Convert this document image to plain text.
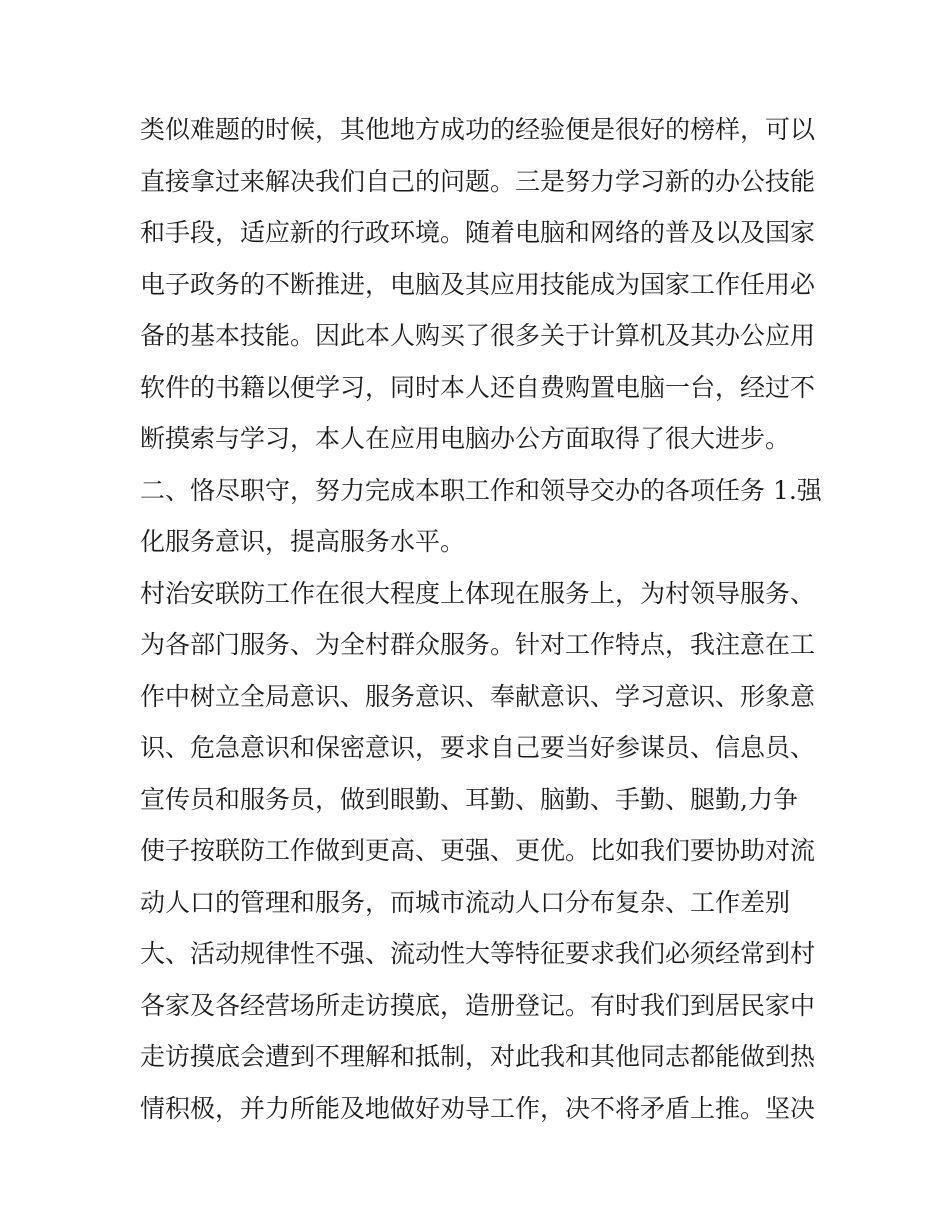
类似难题的时候，其他地方成功的经验便是很好的榜样，可以
直接拿过来解决我们自己的问题。三是努力学习新的办公技能
和手段，适应新的行政环境。随着电脑和网络的普及以及国家
电子政务的不断推进，电脑及其应用技能成为国家工作任用必
备的基本技能。因此本人购买了很多关于计算机及其办公应用
软件的书籍以便学习，同时本人还自费购置电脑一台，经过不
断摸索与学习，本人在应用电脑办公方面取得了很大进步。
二、恪尽职守，努力完成本职工作和领导交办的各项任务 1.强
化服务意识，提高服务水平。
村治安联防工作在很大程度上体现在服务上，为村领导服务、
为各部门服务、为全村群众服务。针对工作特点，我注意在工
作中树立全局意识、服务意识、奉献意识、学习意识、形象意
识、危急意识和保密意识，要求自己要当好参谋员、信息员、
宣传员和服务员，做到眼勤、耳勤、脑勤、手勤、腿勤,力争
使子按联防工作做到更高、更强、更优。比如我们要协助对流
动人口的管理和服务，而城市流动人口分布复杂、工作差别
大、活动规律性不强、流动性大等特征要求我们必须经常到村
各家及各经营场所走访摸底，造册登记。有时我们到居民家中
走访摸底会遭到不理解和抵制，对此我和其他同志都能做到热
情积极，并力所能及地做好劝导工作，决不将矛盾上推。坚决
